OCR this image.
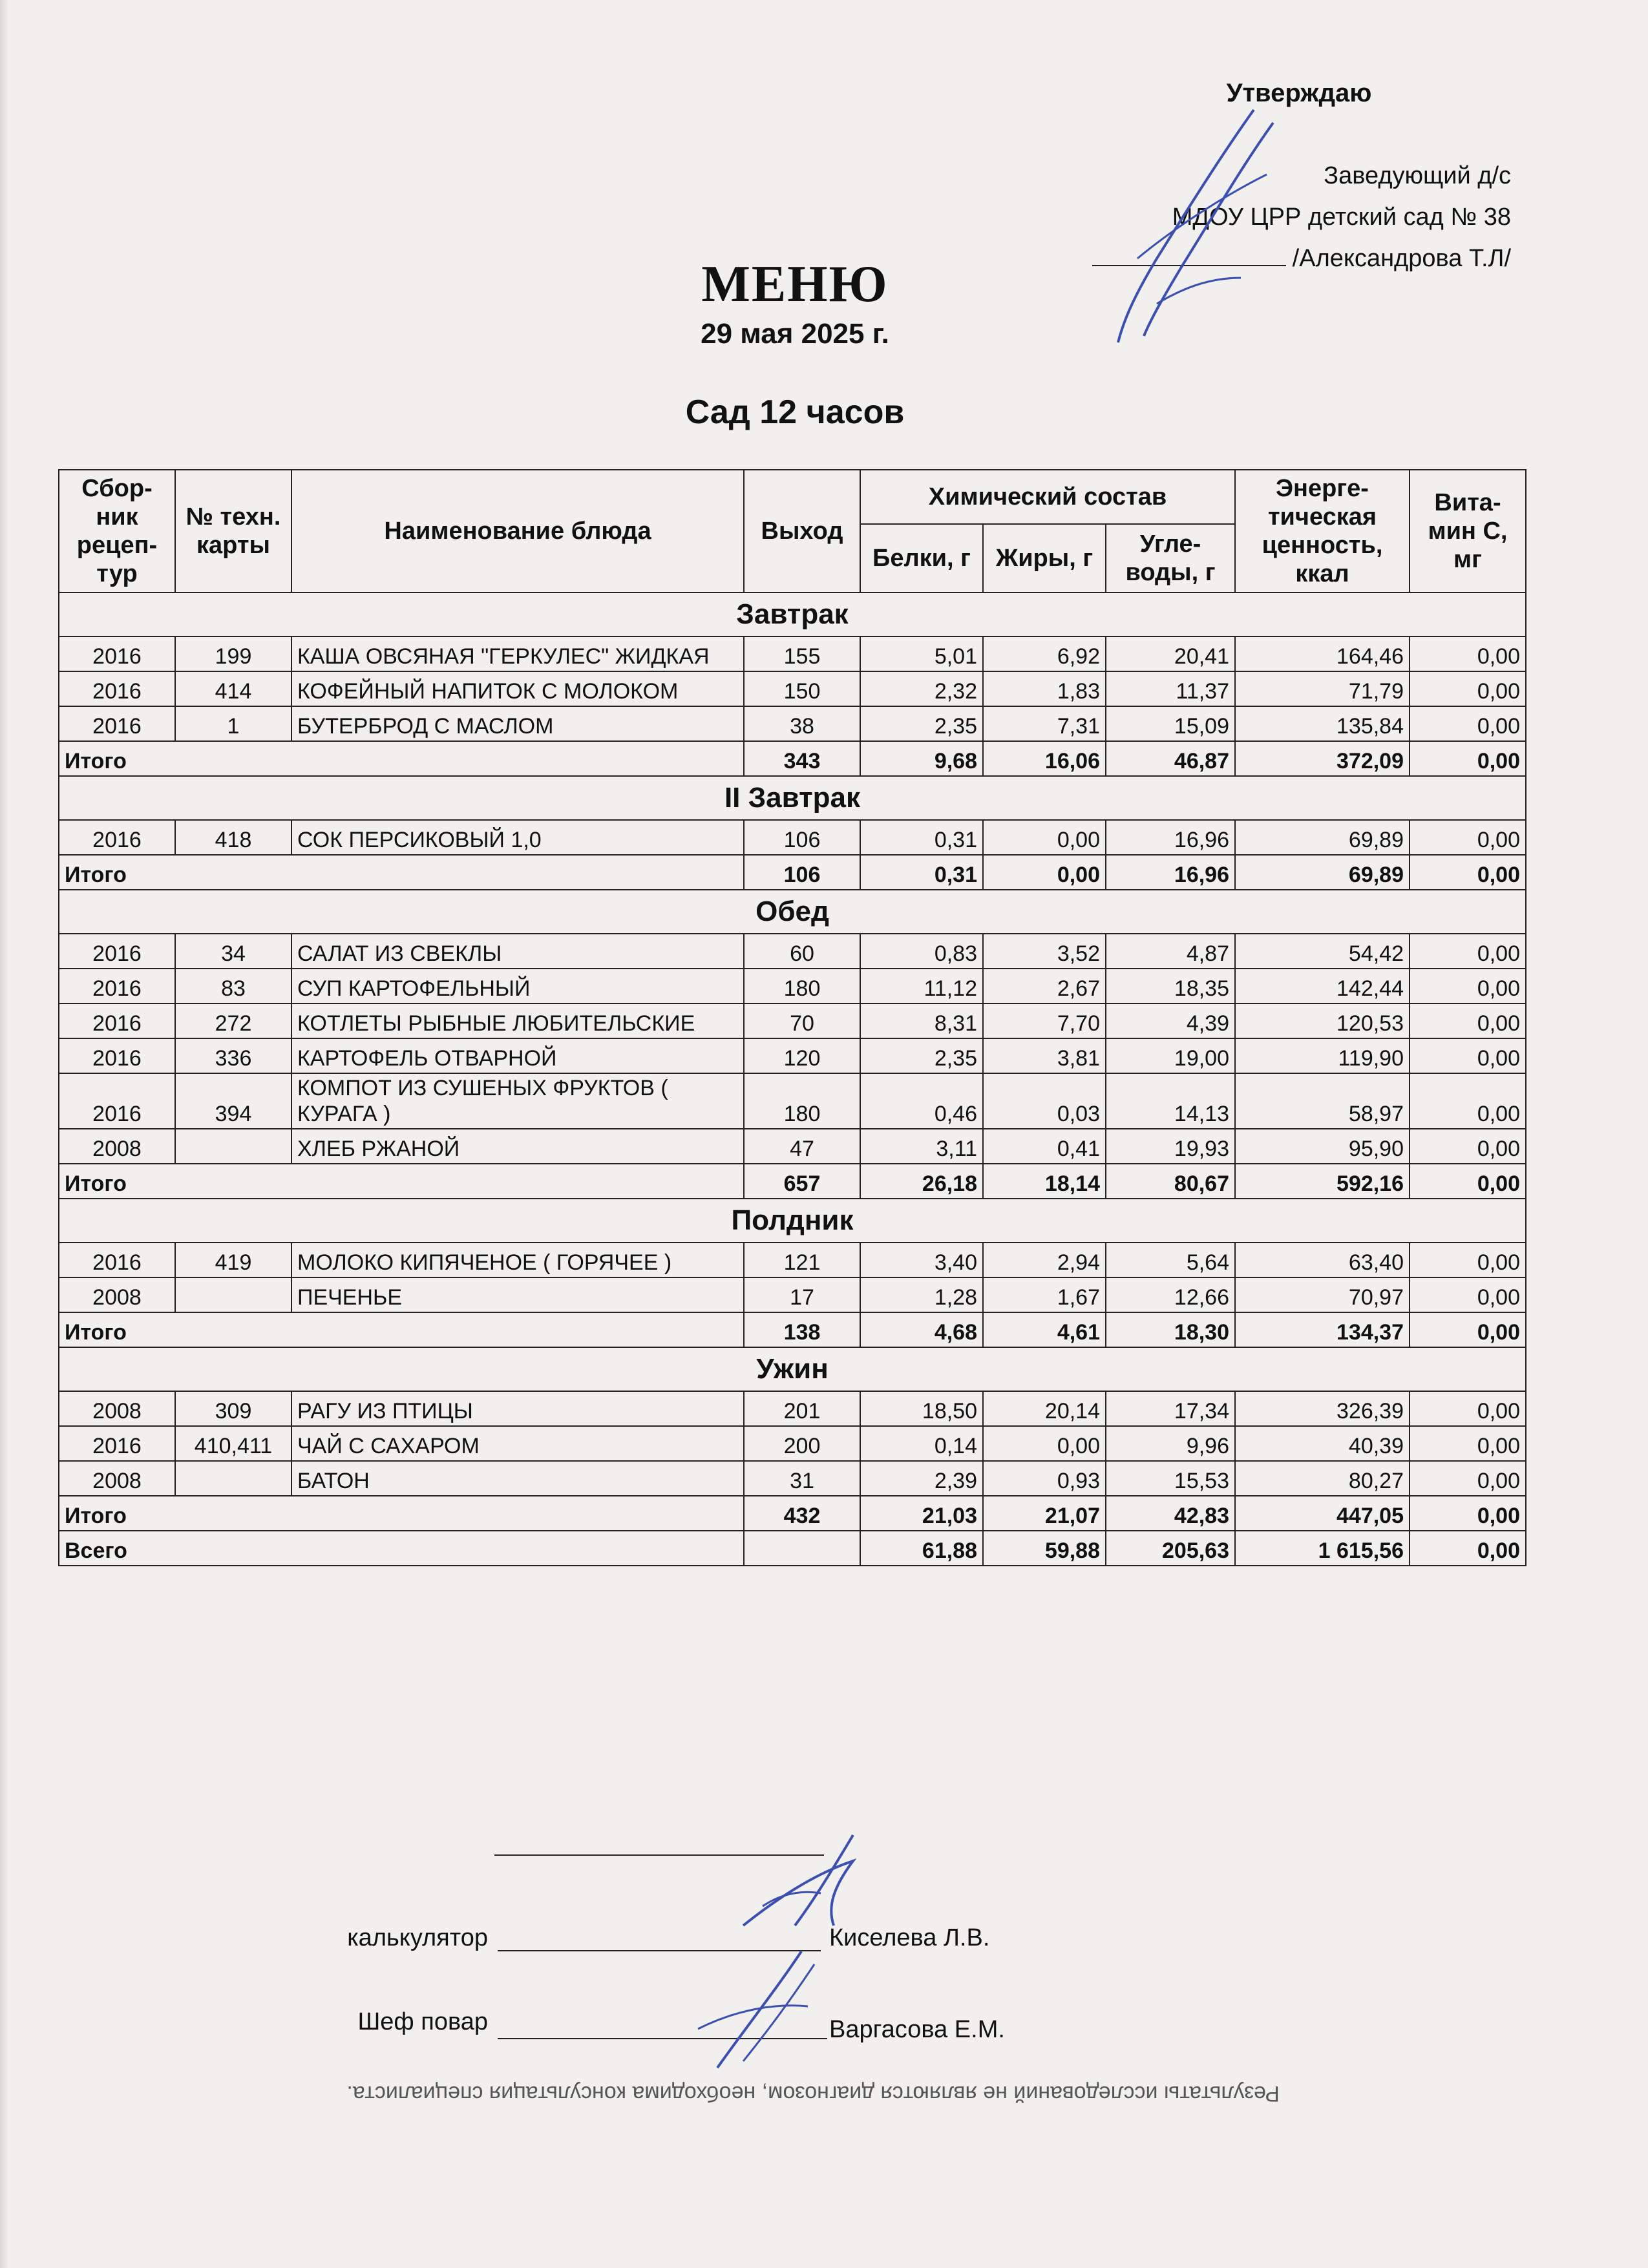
Утверждаю
Заведующий д/с
МДОУ ЦРР детский сад № 38
/Александрова Т.Л/
МЕНЮ
29 мая 2025 г.
Сад 12 часов
Сбор-ник рецеп-тур	№ техн. карты	Наименование блюда	Выход	Химический состав			Энерге-тическая ценность, ккал	Вита-мин С, мг
				Белки, г	Жиры, г	Угле-воды, г		
Завтрак								
2016	199	КАША ОВСЯНАЯ "ГЕРКУЛЕС" ЖИДКАЯ	155	5,01	6,92	20,41	164,46	0,00
2016	414	КОФЕЙНЫЙ НАПИТОК С МОЛОКОМ	150	2,32	1,83	11,37	71,79	0,00
2016	1	БУТЕРБРОД С МАСЛОМ	38	2,35	7,31	15,09	135,84	0,00
Итого			343	9,68	16,06	46,87	372,09	0,00
II Завтрак								
2016	418	СОК ПЕРСИКОВЫЙ 1,0	106	0,31	0,00	16,96	69,89	0,00
Итого			106	0,31	0,00	16,96	69,89	0,00
Обед								
2016	34	САЛАТ ИЗ СВЕКЛЫ	60	0,83	3,52	4,87	54,42	0,00
2016	83	СУП КАРТОФЕЛЬНЫЙ	180	11,12	2,67	18,35	142,44	0,00
2016	272	КОТЛЕТЫ РЫБНЫЕ ЛЮБИТЕЛЬСКИЕ	70	8,31	7,70	4,39	120,53	0,00
2016	336	КАРТОФЕЛЬ ОТВАРНОЙ	120	2,35	3,81	19,00	119,90	0,00
2016	394	КОМПОТ ИЗ СУШЕНЫХ ФРУКТОВ ( КУРАГА )	180	0,46	0,03	14,13	58,97	0,00
2008		ХЛЕБ РЖАНОЙ	47	3,11	0,41	19,93	95,90	0,00
Итого			657	26,18	18,14	80,67	592,16	0,00
Полдник								
2016	419	МОЛОКО КИПЯЧЕНОЕ ( ГОРЯЧЕЕ )	121	3,40	2,94	5,64	63,40	0,00
2008		ПЕЧЕНЬЕ	17	1,28	1,67	12,66	70,97	0,00
Итого			138	4,68	4,61	18,30	134,37	0,00
Ужин								
2008	309	РАГУ ИЗ ПТИЦЫ	201	18,50	20,14	17,34	326,39	0,00
2016	410,411	ЧАЙ С САХАРОМ	200	0,14	0,00	9,96	40,39	0,00
2008		БАТОН	31	2,39	0,93	15,53	80,27	0,00
Итого			432	21,03	21,07	42,83	447,05	0,00
Всего				61,88	59,88	205,63	1 615,56	0,00
калькулятор	Киселева Л.В.
Шеф повар	Варгасова Е.М.
Результаты исследований не являются диагнозом, необходима консультация специалиста.
